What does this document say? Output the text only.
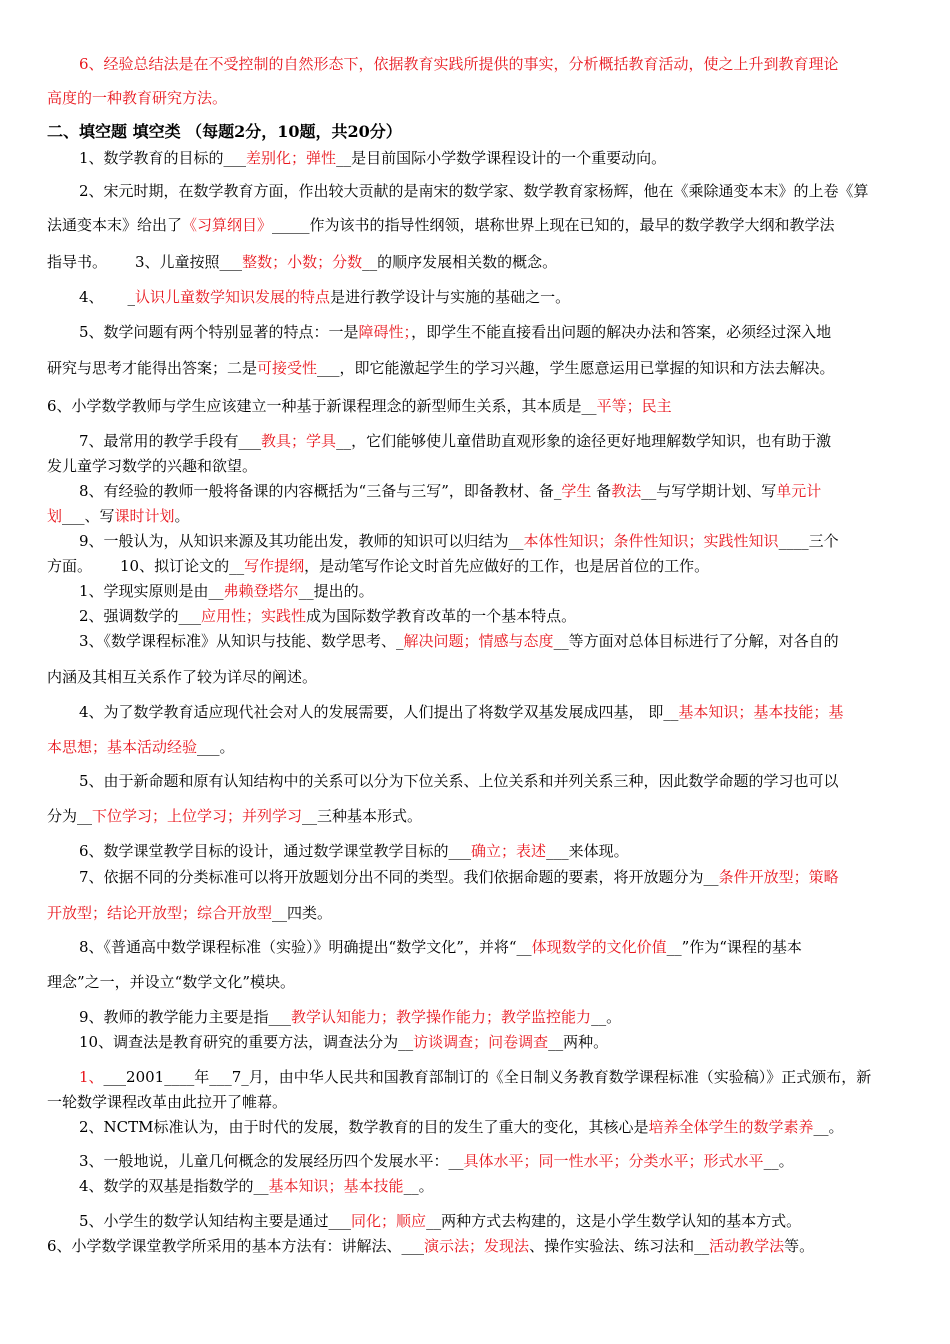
6、经验总结法是在不受控制的自然形态下，依据教育实践所提供的事实，分析概括教育活动，使之上升到教育理论
高度的一种教育研究方法。
二、填空题 填空类 （每题2分，10题，共20分）
1、数学教育的目标的___差别化；弹性__是目前国际小学数学课程设计的一个重要动向。
2、宋元时期，在数学教育方面，作出较大贡献的是南宋的数学家、数学教育家杨辉，他在《乘除通变本末》的上卷《算
法通变本末》给出了《习算纲目》_____作为该书的指导性纲领，堪称世界上现在已知的，最早的数学教学大纲和教学法
指导书。 3、儿童按照___整数；小数；分数__的顺序发展相关数的概念。
4、 _认识儿童数学知识发展的特点是进行教学设计与实施的基础之一。
5、数学问题有两个特别显著的特点：一是障碍性；，即学生不能直接看出问题的解决办法和答案，必须经过深入地
研究与思考才能得出答案；二是可接受性___，即它能激起学生的学习兴趣，学生愿意运用已掌握的知识和方法去解决。
6、小学数学教师与学生应该建立一种基于新课程理念的新型师生关系，其本质是__平等；民主
7、最常用的教学手段有___教具；学具__，它们能够使儿童借助直观形象的途径更好地理解数学知识，也有助于激
发儿童学习数学的兴趣和欲望。
8、有经验的教师一般将备课的内容概括为“三备与三写”，即备教材、备_学生 备教法__与写学期计划、写单元计
划___、写课时计划。
9、一般认为，从知识来源及其功能出发，教师的知识可以归结为__本体性知识；条件性知识；实践性知识____三个
方面。 10、拟订论文的__写作提纲，是动笔写作论文时首先应做好的工作，也是居首位的工作。
1、学现实原则是由__弗赖登塔尔__提出的。
2、强调数学的___应用性；实践性成为国际数学教育改革的一个基本特点。
3、《数学课程标准》从知识与技能、数学思考、_解决问题；情感与态度__等方面对总体目标进行了分解，对各自的
内涵及其相互关系作了较为详尽的阐述。
4、为了数学教育适应现代社会对人的发展需要，人们提出了将数学双基发展成四基， 即__基本知识；基本技能；基
本思想；基本活动经验___。
5、由于新命题和原有认知结构中的关系可以分为下位关系、上位关系和并列关系三种，因此数学命题的学习也可以
分为__下位学习；上位学习；并列学习__三种基本形式。
6、数学课堂教学目标的设计，通过数学课堂教学目标的___确立；表述___来体现。
7、依据不同的分类标准可以将开放题划分出不同的类型。我们依据命题的要素，将开放题分为__条件开放型；策略
开放型；结论开放型；综合开放型__四类。
8、《普通高中数学课程标准（实验）》明确提出“数学文化”，并将“__体现数学的文化价值__”作为“课程的基本
理念”之一，并设立“数学文化”模块。
9、教师的教学能力主要是指___教学认知能力；教学操作能力；教学监控能力__。
10、调查法是教育研究的重要方法，调查法分为__访谈调查；问卷调查__两种。
1、___2001____年___7_月，由中华人民共和国教育部制订的《全日制义务教育数学课程标准（实验稿）》正式颁布，新
一轮数学课程改革由此拉开了帷幕。
2、NCTM标准认为，由于时代的发展，数学教育的目的发生了重大的变化，其核心是培养全体学生的数学素养__。
3、一般地说，儿童几何概念的发展经历四个发展水平：__具体水平；同一性水平；分类水平；形式水平__。
4、数学的双基是指数学的__基本知识；基本技能__。
5、小学生的数学认知结构主要是通过___同化；顺应__两种方式去构建的，这是小学生数学认知的基本方式。
6、小学数学课堂教学所采用的基本方法有：讲解法、___演示法；发现法、操作实验法、练习法和__活动教学法等。
